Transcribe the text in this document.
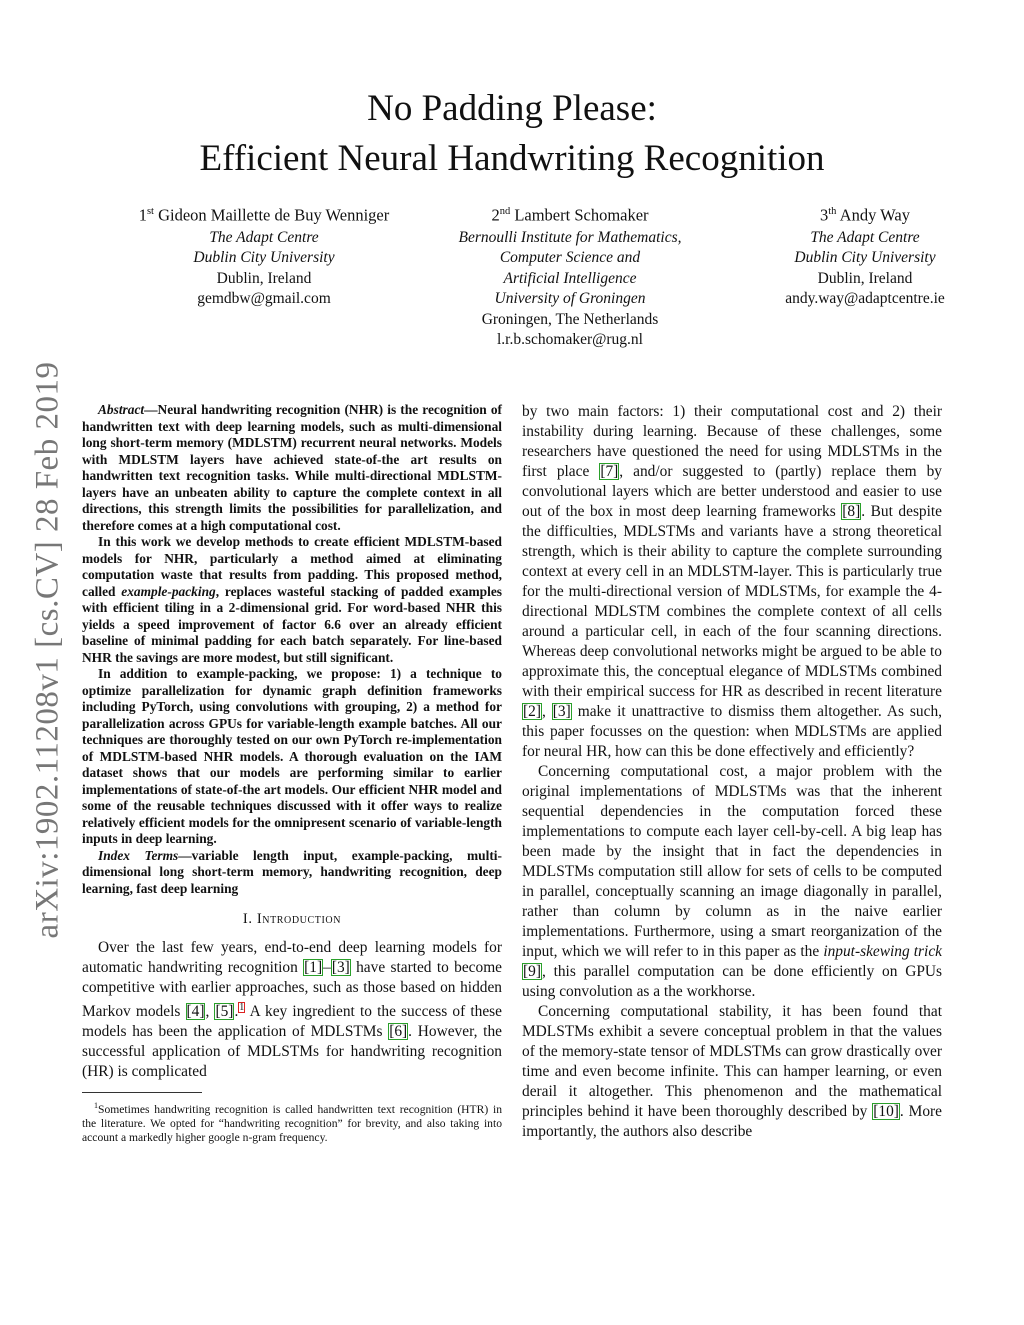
arXiv:1902.11208v1 [cs.CV] 28 Feb 2019
No Padding Please:
Efficient Neural Handwriting Recognition
1st Gideon Maillette de Buy Wenniger
The Adapt Centre
Dublin City University
Dublin, Ireland
gemdbw@gmail.com
2nd Lambert Schomaker
Bernoulli Institute for Mathematics,
Computer Science and
Artificial Intelligence
University of Groningen
Groningen, The Netherlands
l.r.b.schomaker@rug.nl
3th Andy Way
The Adapt Centre
Dublin City University
Dublin, Ireland
andy.way@adaptcentre.ie

Abstract—Neural handwriting recognition (NHR) is the recognition of handwritten text with deep learning models, such as multi-dimensional long short-term memory (MDLSTM) recurrent neural networks. Models with MDLSTM layers have achieved state-of-the art results on handwritten text recognition tasks. While multi-directional MDLSTM-layers have an unbeaten ability to capture the complete context in all directions, this strength limits the possibilities for parallelization, and therefore comes at a high computational cost.

In this work we develop methods to create efficient MDLSTM-based models for NHR, particularly a method aimed at eliminating computation waste that results from padding. This proposed method, called example-packing, replaces wasteful stacking of padded examples with efficient tiling in a 2-dimensional grid. For word-based NHR this yields a speed improvement of factor 6.6 over an already efficient baseline of minimal padding for each batch separately. For line-based NHR the savings are more modest, but still significant.

In addition to example-packing, we propose: 1) a technique to optimize parallelization for dynamic graph definition frameworks including PyTorch, using convolutions with grouping, 2) a method for parallelization across GPUs for variable-length example batches. All our techniques are thoroughly tested on our own PyTorch re-implementation of MDLSTM-based NHR models. A thorough evaluation on the IAM dataset shows that our models are performing similar to earlier implementations of state-of-the art models. Our efficient NHR model and some of the reusable techniques discussed with it offer ways to realize relatively efficient models for the omnipresent scenario of variable-length inputs in deep learning.

Index Terms—variable length input, example-packing, multi-dimensional long short-term memory, handwriting recognition, deep learning, fast deep learning

I. Introduction

Over the last few years, end-to-end deep learning models for automatic handwriting recognition [1]–[3] have started to become competitive with earlier approaches, such as those based on hidden Markov models [4], [5].$^1$ A key ingredient to the success of these models has been the application of MDLSTMs [6]. However, the successful application of MDLSTMs for handwriting recognition (HR) is complicated

$^1$Sometimes handwriting recognition is called handwritten text recognition (HTR) in the literature. We opted for “handwriting recognition” for brevity, and also taking into account a markedly higher google n-gram frequency.

by two main factors: 1) their computational cost and 2) their instability during learning. Because of these challenges, some researchers have questioned the need for using MDLSTMs in the first place [7], and/or suggested to (partly) replace them by convolutional layers which are better understood and easier to use out of the box in most deep learning frameworks [8]. But despite the difficulties, MDLSTMs and variants have a strong theoretical strength, which is their ability to capture the complete surrounding context at every cell in an MDLSTM-layer. This is particularly true for the multi-directional version of MDLSTMs, for example the 4-directional MDLSTM combines the complete context of all cells around a particular cell, in each of the four scanning directions. Whereas deep convolutional networks might be argued to be able to approximate this, the conceptual elegance of MDLSTMs combined with their empirical success for HR as described in recent literature [2], [3] make it unattractive to dismiss them altogether. As such, this paper focusses on the question: when MDLSTMs are applied for neural HR, how can this be done effectively and efficiently?

Concerning computational cost, a major problem with the original implementations of MDLSTMs was that the inherent sequential dependencies in the computation forced these implementations to compute each layer cell-by-cell. A big leap has been made by the insight that in fact the dependencies in MDLSTMs computation still allow for sets of cells to be computed in parallel, conceptually scanning an image diagonally in parallel, rather than column by column as in the naive earlier implementations. Furthermore, using a smart reorganization of the input, which we will refer to in this paper as the input-skewing trick [9], this parallel computation can be done efficiently on GPUs using convolution as a the workhorse.

Concerning computational stability, it has been found that MDLSTMs exhibit a severe conceptual problem in that the values of the memory-state tensor of MDLSTMs can grow drastically over time and even become infinite. This can hamper learning, or even derail it altogether. This phenomenon and the mathematical principles behind it have been thoroughly described by [10]. More importantly, the authors also describe
